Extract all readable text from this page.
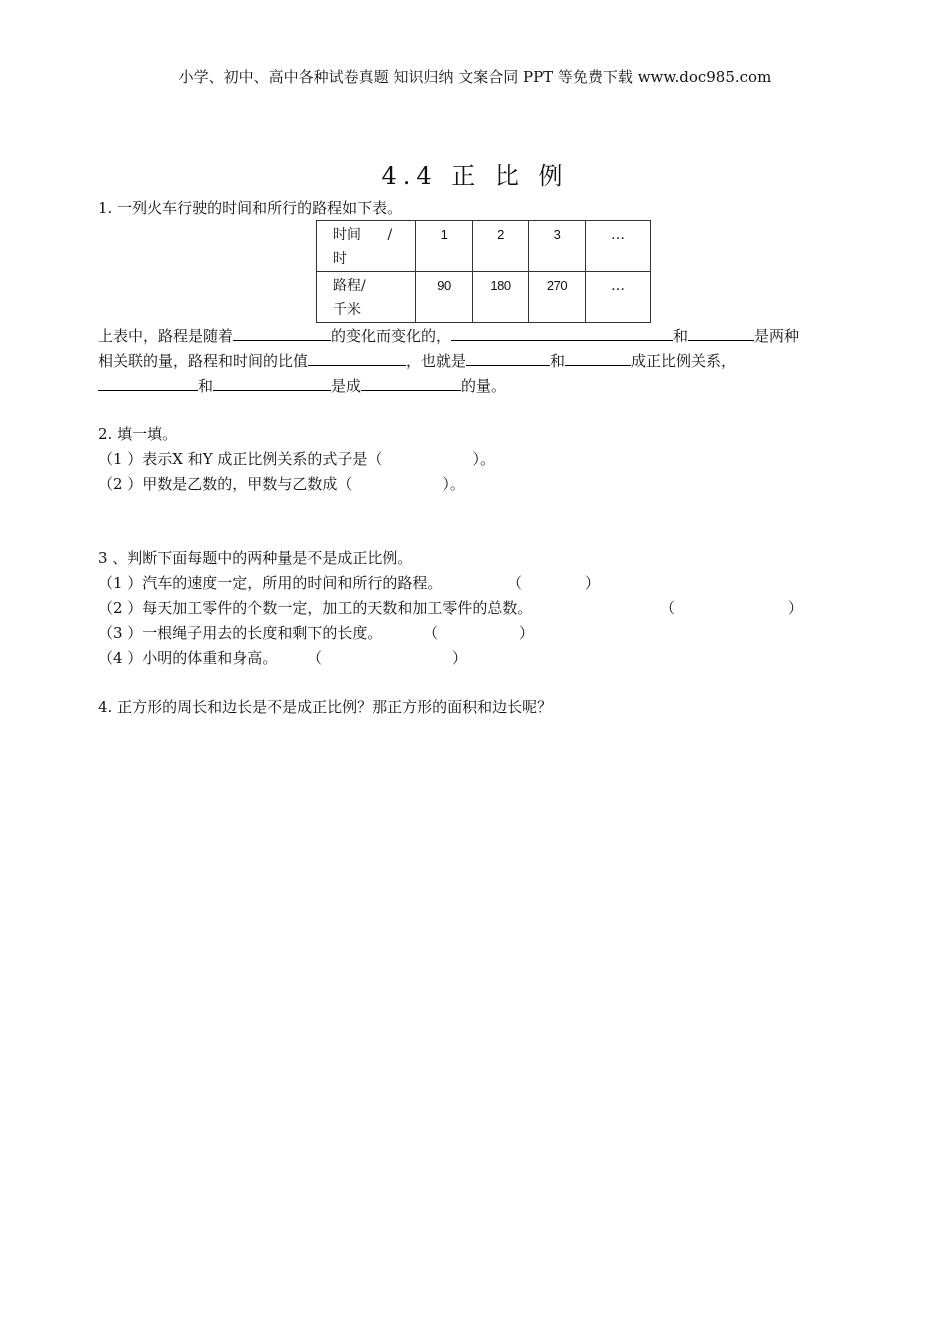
小学、初中、高中各种试卷真题 知识归纳 文案合同 PPT 等免费下载 www.doc985.com
4.4 正 比 例
1. 一列火车行驶的时间和所行的路程如下表。
时间 /
时	1	2	3	…
路程/
千米	90	180	270	…
上表中，路程是随着	的变化而变化的，	和	是两种
相关联的量，路程和时间的比值	，也就是	和	成正比例关系，
和	是成	的量。
2. 填一填。
（1 ）表示X 和Y 成正比例关系的式子是（	）。
（2 ）甲数是乙数的，甲数与乙数成（	）。
3 、判断下面每题中的两种量是不是成正比例。
（1 ）汽车的速度一定，所用的时间和所行的路程。	（	）
（2 ）每天加工零件的个数一定，加工的天数和加工零件的总数。	（	）
（3 ）一根绳子用去的长度和剩下的长度。	（	）
（4 ）小明的体重和身高。 （	）
4. 正方形的周长和边长是不是成正比例？那正方形的面积和边长呢？
